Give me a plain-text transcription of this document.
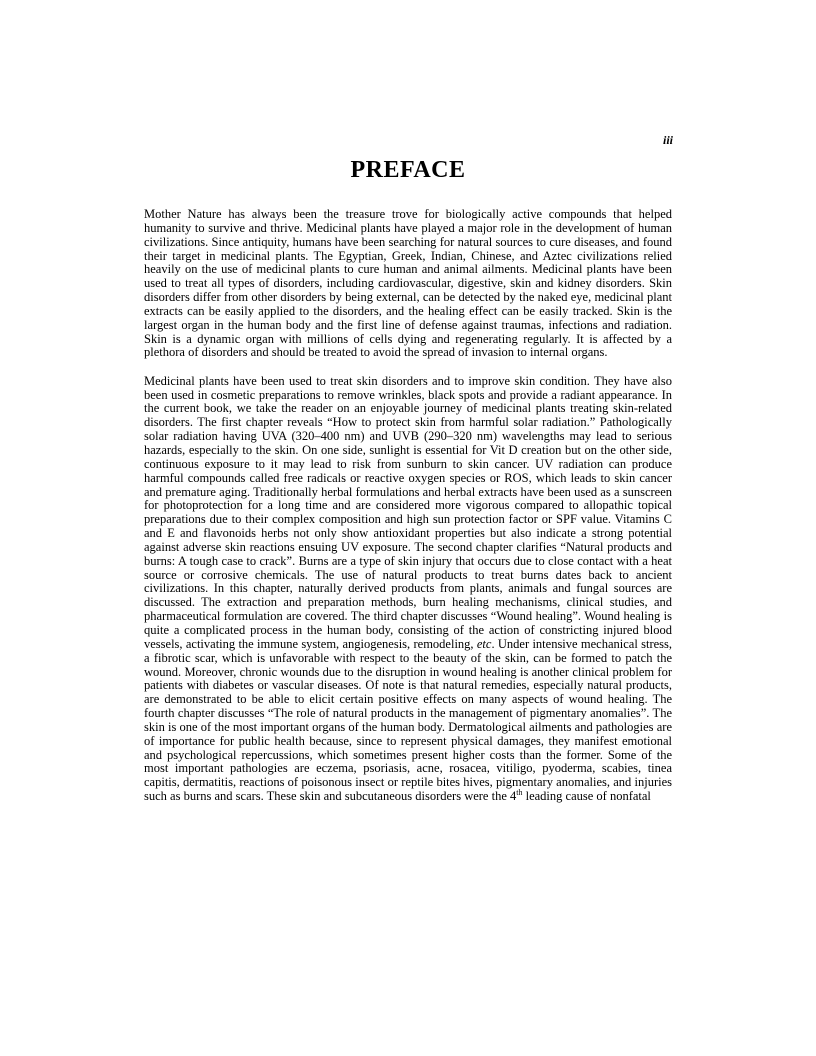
iii

PREFACE

Mother Nature has always been the treasure trove for biologically active compounds that helped humanity to survive and thrive. Medicinal plants have played a major role in the development of human civilizations. Since antiquity, humans have been searching for natural sources to cure diseases, and found their target in medicinal plants. The Egyptian, Greek, Indian, Chinese, and Aztec civilizations relied heavily on the use of medicinal plants to cure human and animal ailments. Medicinal plants have been used to treat all types of disorders, including cardiovascular, digestive, skin and kidney disorders. Skin disorders differ from other disorders by being external, can be detected by the naked eye, medicinal plant extracts can be easily applied to the disorders, and the healing effect can be easily tracked. Skin is the largest organ in the human body and the first line of defense against traumas, infections and radiation. Skin is a dynamic organ with millions of cells dying and regenerating regularly. It is affected by a plethora of disorders and should be treated to avoid the spread of invasion to internal organs.

Medicinal plants have been used to treat skin disorders and to improve skin condition. They have also been used in cosmetic preparations to remove wrinkles, black spots and provide a radiant appearance. In the current book, we take the reader on an enjoyable journey of medicinal plants treating skin-related disorders. The first chapter reveals “How to protect skin from harmful solar radiation.” Pathologically solar radiation having UVA (320–400 nm) and UVB (290–320 nm) wavelengths may lead to serious hazards, especially to the skin. On one side, sunlight is essential for Vit D creation but on the other side, continuous exposure to it may lead to risk from sunburn to skin cancer. UV radiation can produce harmful compounds called free radicals or reactive oxygen species or ROS, which leads to skin cancer and premature aging. Traditionally herbal formulations and herbal extracts have been used as a sunscreen for photoprotection for a long time and are considered more vigorous compared to allopathic topical preparations due to their complex composition and high sun protection factor or SPF value. Vitamins C and E and flavonoids herbs not only show antioxidant properties but also indicate a strong potential against adverse skin reactions ensuing UV exposure. The second chapter clarifies “Natural products and burns: A tough case to crack”. Burns are a type of skin injury that occurs due to close contact with a heat source or corrosive chemicals. The use of natural products to treat burns dates back to ancient civilizations. In this chapter, naturally derived products from plants, animals and fungal sources are discussed. The extraction and preparation methods, burn healing mechanisms, clinical studies, and pharmaceutical formulation are covered. The third chapter discusses “Wound healing”. Wound healing is quite a complicated process in the human body, consisting of the action of constricting injured blood vessels, activating the immune system, angiogenesis, remodeling, etc. Under intensive mechanical stress, a fibrotic scar, which is unfavorable with respect to the beauty of the skin, can be formed to patch the wound. Moreover, chronic wounds due to the disruption in wound healing is another clinical problem for patients with diabetes or vascular diseases. Of note is that natural remedies, especially natural products, are demonstrated to be able to elicit certain positive effects on many aspects of wound healing. The fourth chapter discusses “The role of natural products in the management of pigmentary anomalies”. The skin is one of the most important organs of the human body. Dermatological ailments and pathologies are of importance for public health because, since to represent physical damages, they manifest emotional and psychological repercussions, which sometimes present higher costs than the former. Some of the most important pathologies are eczema, psoriasis, acne, rosacea, vitiligo, pyoderma, scabies, tinea capitis, dermatitis, reactions of poisonous insect or reptile bites hives, pigmentary anomalies, and injuries such as burns and scars. These skin and subcutaneous disorders were the 4th leading cause of nonfatal
